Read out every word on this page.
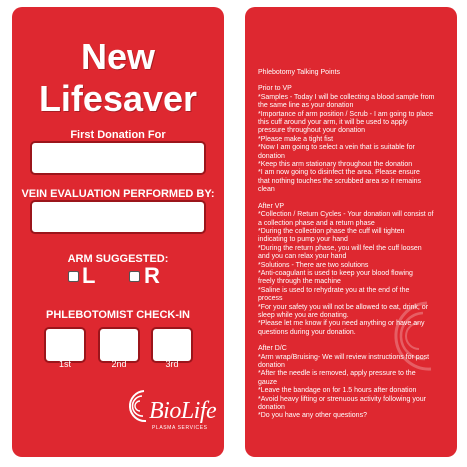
New
Lifesaver
First Donation For
VEIN EVALUATION PERFORMED BY:
ARM SUGGESTED:
L R
PHLEBOTOMIST CHECK-IN
1st	2nd	3rd
BioLife
PLASMA SERVICES
Phlebotomy Talking Points
Prior to VP
*Samples - Today I will be collecting a blood sample from
the same line as your donation
*Importance of arm position / Scrub - I am going to place
this cuff around your arm, it will be used to apply
pressure throughout your donation
*Please make a tight fist
*Now I am going to select a vein that is suitable for
donation
*Keep this arm stationary throughout the donation
*I am now going to disinfect the area. Please ensure
that nothing touches the scrubbed area so it remains
clean
After VP
*Collection / Return Cycles - Your donation will consist of
a collection phase and a return phase
*During the collection phase the cuff will tighten
indicating to pump your hand
*During the return phase, you will feel the cuff loosen
and you can relax your hand
*Solutions - There are two solutions
*Anti-coagulant is used to keep your blood flowing
freely through the machine
*Saline is used to rehydrate you at the end of the
process
*For your safety you will not be allowed to eat, drink, or
sleep while you are donating.
*Please let me know if you need anything or have any
questions during your donation.
After D/C
*Arm wrap/Bruising- We will review instructions for post
donation
*After the needle is removed, apply pressure to the
gauze
*Leave the bandage on for 1.5 hours after donation
*Avoid heavy lifting or strenuous activity following your
donation
*Do you have any other questions?
